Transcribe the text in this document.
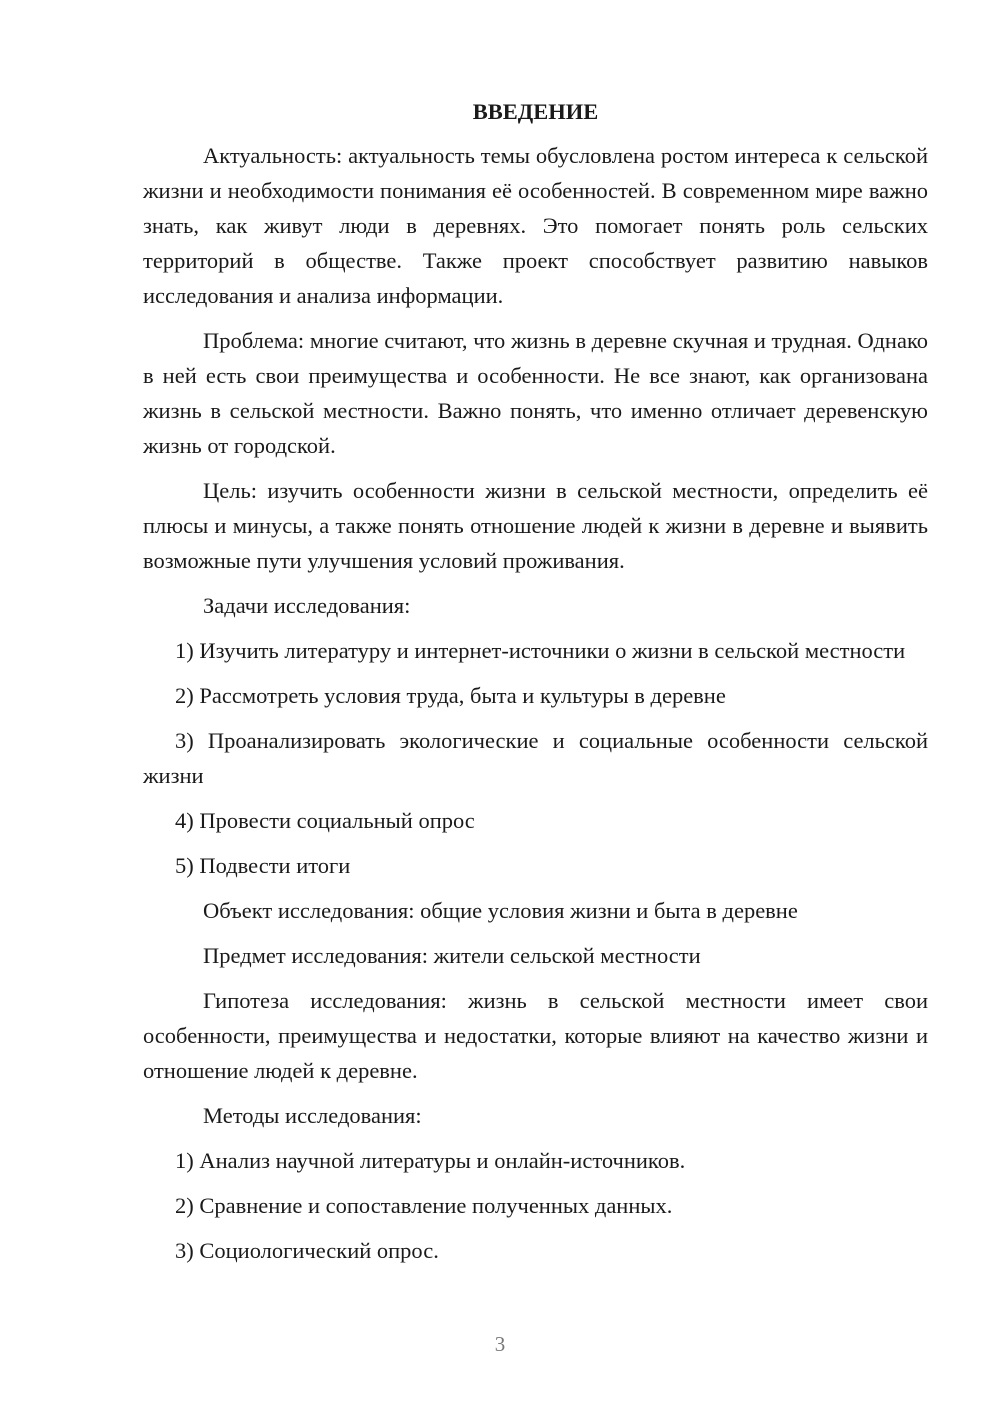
ВВЕДЕНИЕ

Актуальность: актуальность темы обусловлена ростом интереса к сельской жизни и необходимости понимания её особенностей. В современном мире важно знать, как живут люди в деревнях. Это помогает понять роль сельских территорий в обществе. Также проект способствует развитию навыков исследования и анализа информации.

Проблема: многие считают, что жизнь в деревне скучная и трудная. Однако в ней есть свои преимущества и особенности. Не все знают, как организована жизнь в сельской местности. Важно понять, что именно отличает деревенскую жизнь от городской.

Цель: изучить особенности жизни в сельской местности, определить её плюсы и минусы, а также понять отношение людей к жизни в деревне и выявить возможные пути улучшения условий проживания.

Задачи исследования:

1) Изучить литературу и интернет-источники о жизни в сельской местности

2) Рассмотреть условия труда, быта и культуры в деревне

3) Проанализировать экологические и социальные особенности сельской жизни

4) Провести социальный опрос

5) Подвести итоги

Объект исследования: общие условия жизни и быта в деревне

Предмет исследования: жители сельской местности

Гипотеза исследования: жизнь в сельской местности имеет свои особенности, преимущества и недостатки, которые влияют на качество жизни и отношение людей к деревне.

Методы исследования:

1) Анализ научной литературы и онлайн-источников.

2) Сравнение и сопоставление полученных данных.

3) Социологический опрос.

3
